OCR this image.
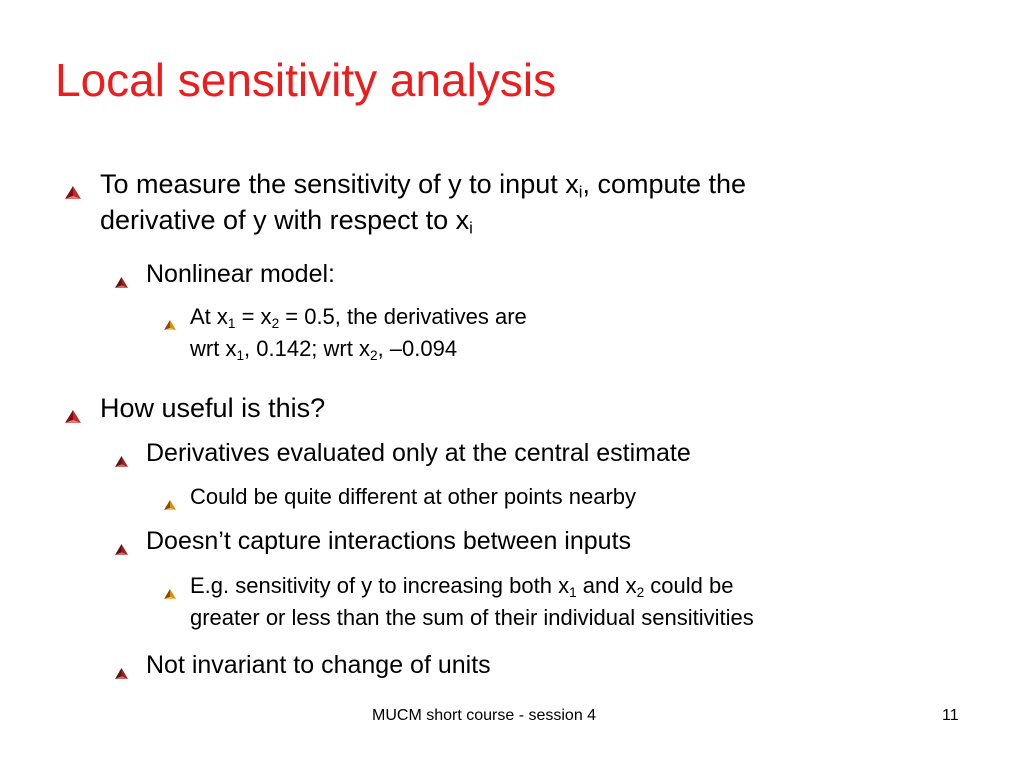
Local sensitivity analysis
To measure the sensitivity of y to input $x_i$, compute the
derivative of y with respect to $x_i$
Nonlinear model:
At $x_1 = x_2 = 0.5$, the derivatives are
wrt $x_1$, 0.142; wrt $x_2$, –0.094
How useful is this?
Derivatives evaluated only at the central estimate
Could be quite different at other points nearby
Doesn’t capture interactions between inputs
E.g. sensitivity of y to increasing both $x_1$ and $x_2$ could be
greater or less than the sum of their individual sensitivities
Not invariant to change of units
MUCM short course - session 4	11
